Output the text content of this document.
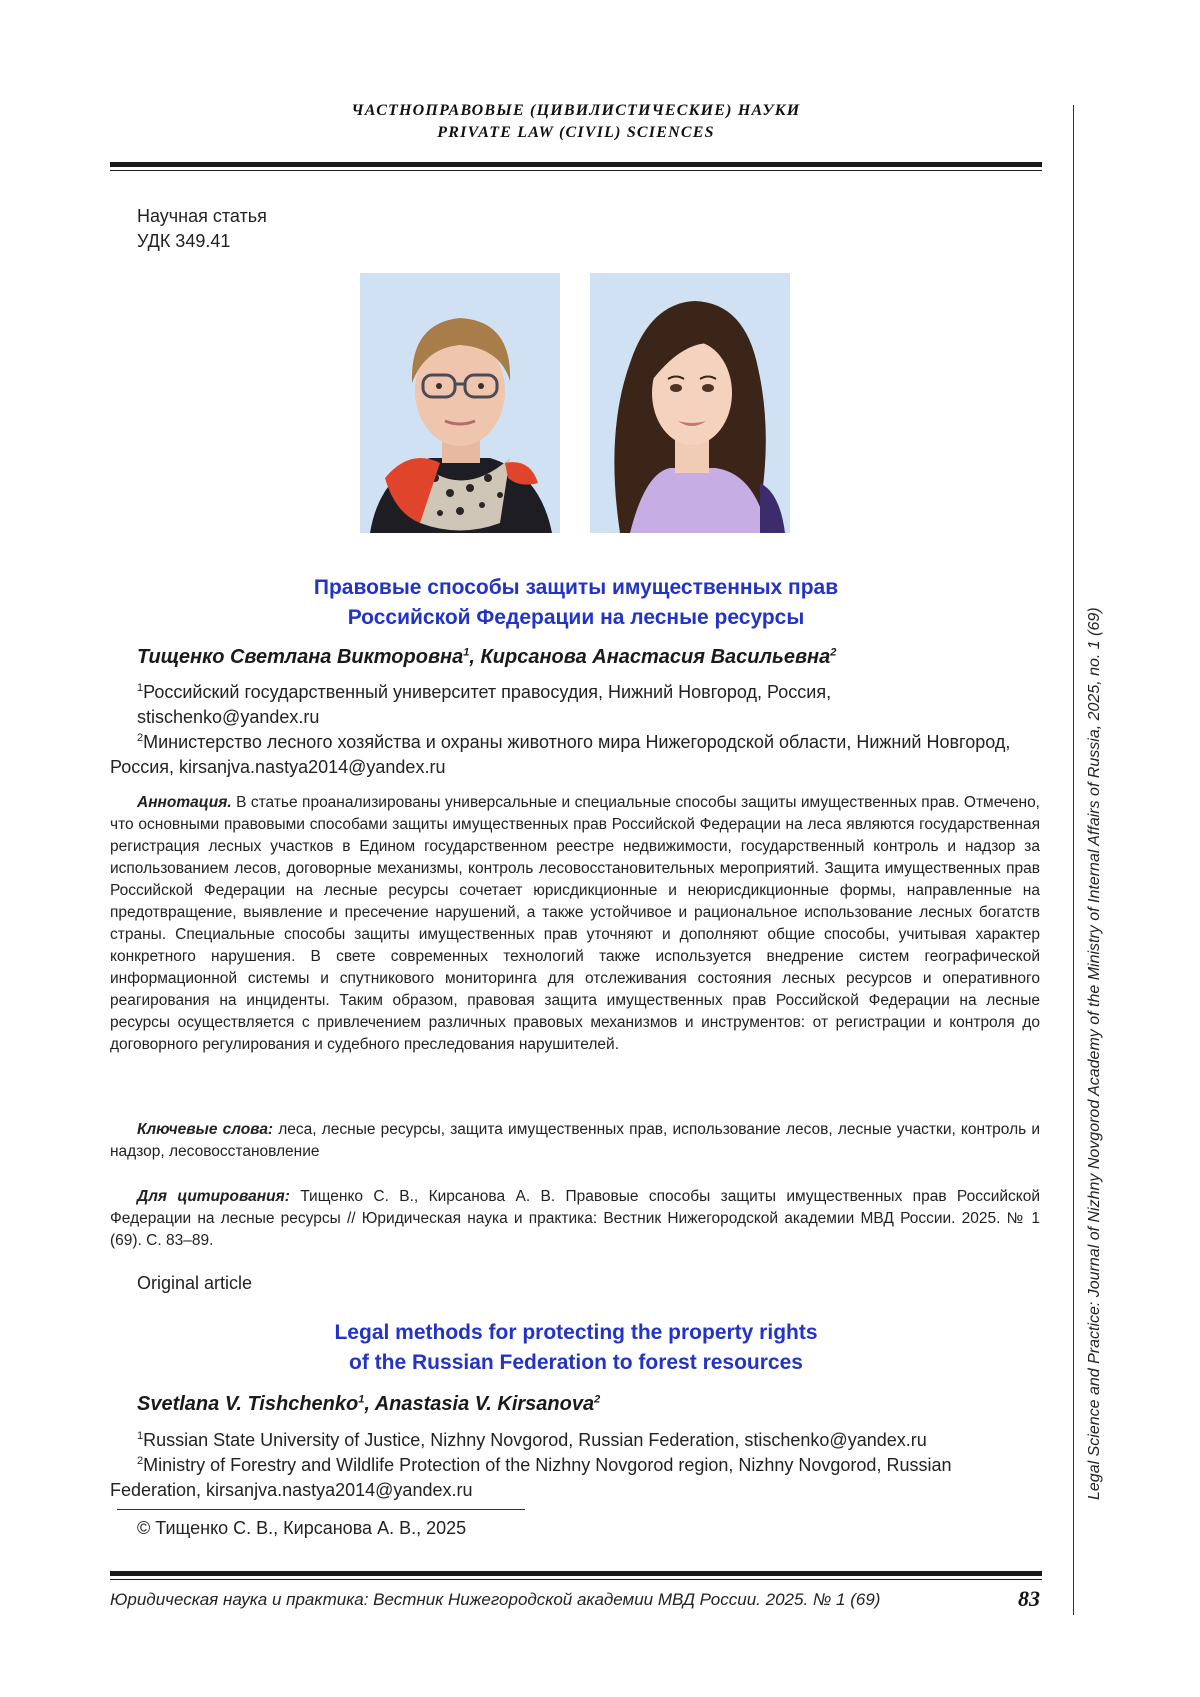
ЧАСТНОПРАВОВЫЕ (ЦИВИЛИСТИЧЕСКИЕ) НАУКИ
PRIVATE LAW (CIVIL) SCIENCES
Legal Science and Practice: Journal of Nizhny Novgorod Academy of the Ministry of Internal Affairs of Russia, 2025, no. 1 (69)
Научная статья
УДК 349.41
Правовые способы защиты имущественных прав
Российской Федерации на лесные ресурсы
Тищенко Светлана Викторовна$^1$, Кирсанова Анастасия Васильевна$^2$
$^1$Российский государственный университет правосудия, Нижний Новгород, Россия,
stischenko@yandex.ru
$^2$Министерство лесного хозяйства и охраны животного мира Нижегородской области, Нижний Новгород, Россия, kirsanjva.nastya2014@yandex.ru
Аннотация. В статье проанализированы универсальные и специальные способы защиты имущественных прав. Отмечено, что основными правовыми способами защиты имущественных прав Российской Федерации на леса являются государственная регистрация лесных участков в Едином государственном реестре недвижимости, государственный контроль и надзор за использованием лесов, договорные механизмы, контроль лесовосстановительных мероприятий. Защита имущественных прав Российской Федерации на лесные ресурсы сочетает юрисдикционные и неюрисдикционные формы, направленные на предотвращение, выявление и пресечение нарушений, а также устойчивое и рациональное использование лесных богатств страны. Специальные способы защиты имущественных прав уточняют и дополняют общие способы, учитывая характер конкретного нарушения. В свете современных технологий также используется внедрение систем географической информационной системы и спутникового мониторинга для отслеживания состояния лесных ресурсов и оперативного реагирования на инциденты. Таким образом, правовая защита имущественных прав Российской Федерации на лесные ресурсы осуществляется с привлечением различных правовых механизмов и инструментов: от регистрации и контроля до договорного регулирования и судебного преследования нарушителей.
Ключевые слова: леса, лесные ресурсы, защита имущественных прав, использование лесов, лесные участки, контроль и надзор, лесовосстановление
Для цитирования: Тищенко С. В., Кирсанова А. В. Правовые способы защиты имущественных прав Российской Федерации на лесные ресурсы // Юридическая наука и практика: Вестник Нижегородской академии МВД России. 2025. № 1 (69). С. 83–89.
Original article
Legal methods for protecting the property rights
of the Russian Federation to forest resources
Svetlana V. Tishchenko$^1$, Anastasia V. Kirsanova$^2$
$^1$Russian State University of Justice, Nizhny Novgorod, Russian Federation, stischenko@yandex.ru
$^2$Ministry of Forestry and Wildlife Protection of the Nizhny Novgorod region, Nizhny Novgorod, Russian Federation, kirsanjva.nastya2014@yandex.ru
© Тищенко С. В., Кирсанова А. В., 2025
Юридическая наука и практика: Вестник Нижегородской академии МВД России. 2025. № 1 (69)	83
